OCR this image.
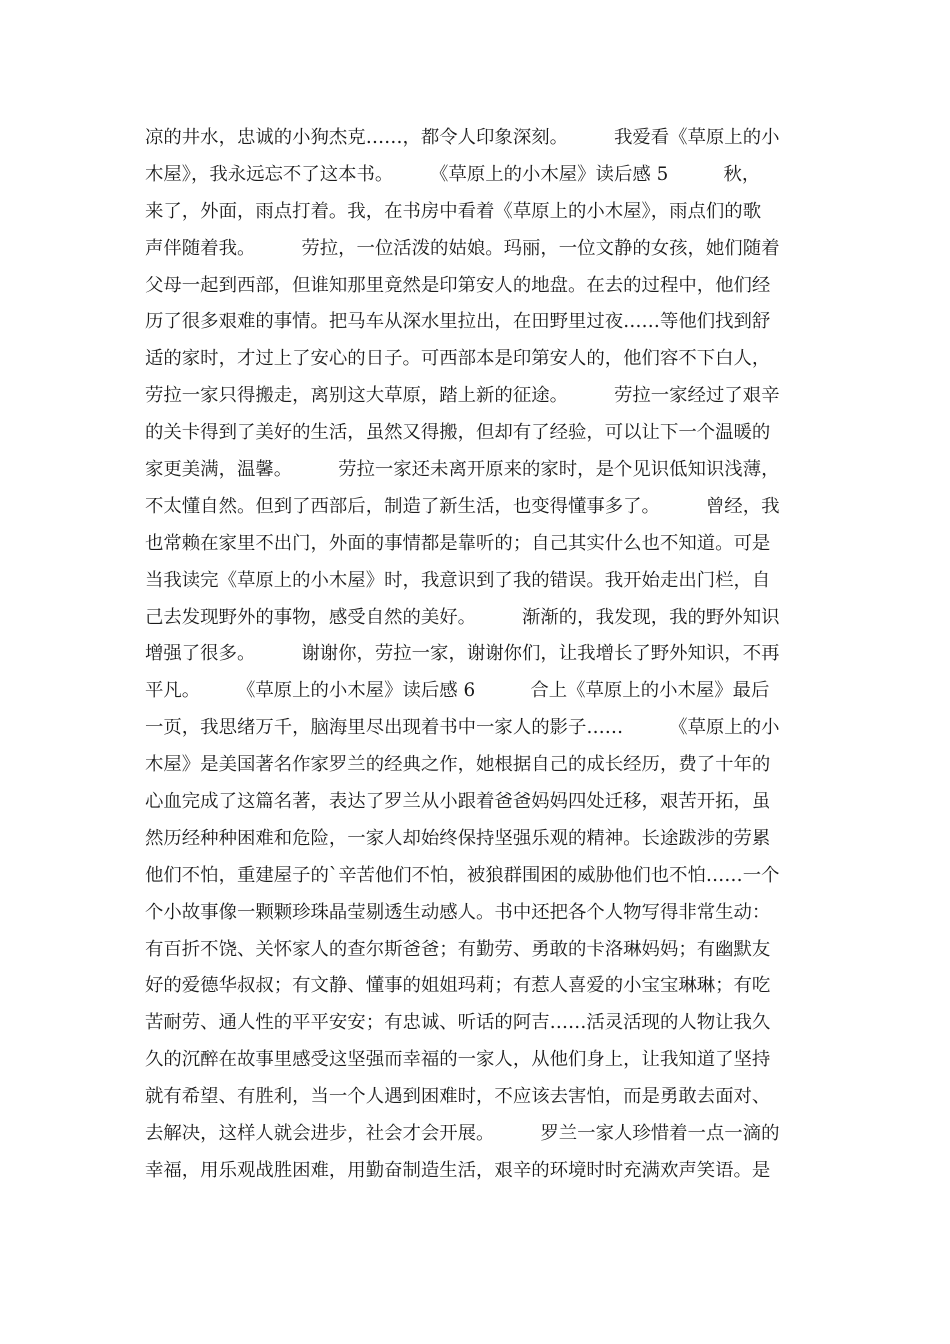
凉的井水，忠诚的小狗杰克……，都令人印象深刻。　　　我爱看《草原上的小
木屋》，我永远忘不了这本书。　　　《草原上的小木屋》读后感 5　　　秋，
来了，外面，雨点打着。我，在书房中看着《草原上的小木屋》，雨点们的歌
声伴随着我。　　　劳拉，一位活泼的姑娘。玛丽，一位文静的女孩，她们随着
父母一起到西部，但谁知那里竟然是印第安人的地盘。在去的过程中，他们经
历了很多艰难的事情。把马车从深水里拉出，在田野里过夜……等他们找到舒
适的家时，才过上了安心的日子。可西部本是印第安人的，他们容不下白人，
劳拉一家只得搬走，离别这大草原，踏上新的征途。　　　劳拉一家经过了艰辛
的关卡得到了美好的生活，虽然又得搬，但却有了经验，可以让下一个温暖的
家更美满，温馨。　　　劳拉一家还未离开原来的家时，是个见识低知识浅薄，
不太懂自然。但到了西部后，制造了新生活，也变得懂事多了。　　　曾经，我
也常赖在家里不出门，外面的事情都是靠听的；自己其实什么也不知道。可是
当我读完《草原上的小木屋》时，我意识到了我的错误。我开始走出门栏，自
己去发现野外的事物，感受自然的美好。　　　渐渐的，我发现，我的野外知识
增强了很多。　　　谢谢你，劳拉一家，谢谢你们，让我增长了野外知识，不再
平凡。　　　《草原上的小木屋》读后感 6　　　合上《草原上的小木屋》最后
一页，我思绪万千，脑海里尽出现着书中一家人的影子……　　　《草原上的小
木屋》是美国著名作家罗兰的经典之作，她根据自己的成长经历，费了十年的
心血完成了这篇名著，表达了罗兰从小跟着爸爸妈妈四处迁移，艰苦开拓，虽
然历经种种困难和危险，一家人却始终保持坚强乐观的精神。长途跋涉的劳累
他们不怕，重建屋子的`辛苦他们不怕，被狼群围困的威胁他们也不怕……一个
个小故事像一颗颗珍珠晶莹剔透生动感人。书中还把各个人物写得非常生动：
有百折不饶、关怀家人的查尔斯爸爸；有勤劳、勇敢的卡洛琳妈妈；有幽默友
好的爱德华叔叔；有文静、懂事的姐姐玛莉；有惹人喜爱的小宝宝琳琳；有吃
苦耐劳、通人性的平平安安；有忠诚、听话的阿吉……活灵活现的人物让我久
久的沉醉在故事里感受这坚强而幸福的一家人，从他们身上，让我知道了坚持
就有希望、有胜利，当一个人遇到困难时，不应该去害怕，而是勇敢去面对、
去解决，这样人就会进步，社会才会开展。　　　罗兰一家人珍惜着一点一滴的
幸福，用乐观战胜困难，用勤奋制造生活，艰辛的环境时时充满欢声笑语。是
